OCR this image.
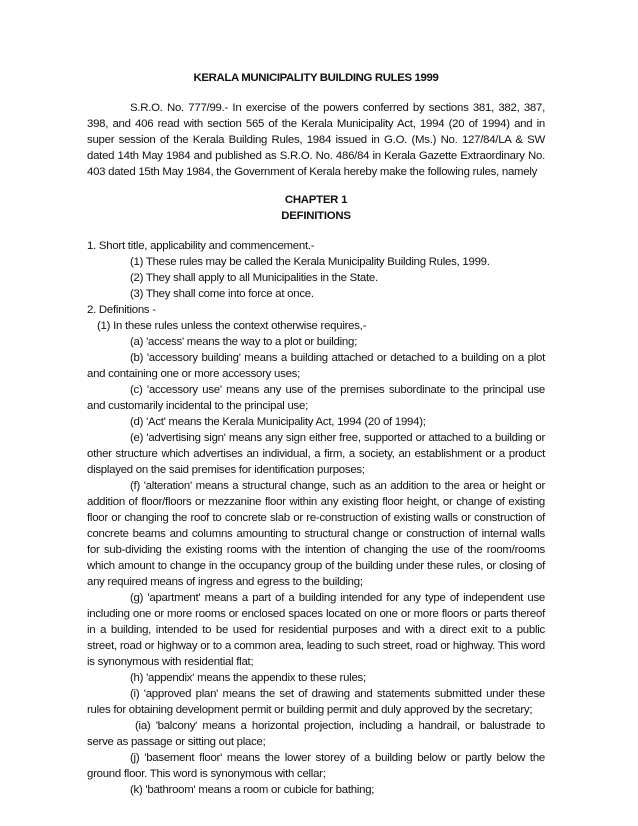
KERALA MUNICIPALITY BUILDING RULES 1999

S.R.O. No. 777/99.- In exercise of the powers conferred by sections 381, 382, 387, 398, and 406 read with section 565 of the Kerala Municipality Act, 1994 (20 of 1994) and in super session of the Kerala Building Rules, 1984 issued in G.O. (Ms.) No. 127/84/LA & SW dated 14th May 1984 and published as S.R.O. No. 486/84 in Kerala Gazette Extraordinary No. 403 dated 15th May 1984, the Government of Kerala hereby make the following rules, namely

CHAPTER 1
DEFINITIONS
1. Short title, applicability and commencement.-
(1) These rules may be called the Kerala Municipality Building Rules, 1999.
(2) They shall apply to all Municipalities in the State.
(3) They shall come into force at once.
2. Definitions -
(1) In these rules unless the context otherwise requires,-
(a) 'access' means the way to a plot or building;

(b) 'accessory building' means a building attached or detached to a building on a plot and containing one or more accessory uses;

(c) 'accessory use' means any use of the premises subordinate to the principal use and customarily incidental to the principal use;

(d) 'Act' means the Kerala Municipality Act, 1994 (20 of 1994);

(e) 'advertising sign' means any sign either free, supported or attached to a building or other structure which advertises an individual, a firm, a society, an establishment or a product displayed on the said premises for identification purposes;

(f) 'alteration' means a structural change, such as an addition to the area or height or addition of floor/floors or mezzanine floor within any existing floor height, or change of existing floor or changing the roof to concrete slab or re-construction of existing walls or construction of concrete beams and columns amounting to structural change or construction of internal walls for sub-dividing the existing rooms with the intention of changing the use of the room/rooms which amount to change in the occupancy group of the building under these rules, or closing of any required means of ingress and egress to the building;

(g) 'apartment' means a part of a building intended for any type of independent use including one or more rooms or enclosed spaces located on one or more floors or parts thereof in a building, intended to be used for residential purposes and with a direct exit to a public street, road or highway or to a common area, leading to such street, road or highway. This word is synonymous with residential flat;

(h) 'appendix' means the appendix to these rules;

(i) 'approved plan' means the set of drawing and statements submitted under these rules for obtaining development permit or building permit and duly approved by the secretary;

(ia) 'balcony' means a horizontal projection, including a handrail, or balustrade to serve as passage or sitting out place;

(j) 'basement floor' means the lower storey of a building below or partly below the ground floor. This word is synonymous with cellar;

(k) 'bathroom' means a room or cubicle for bathing;
